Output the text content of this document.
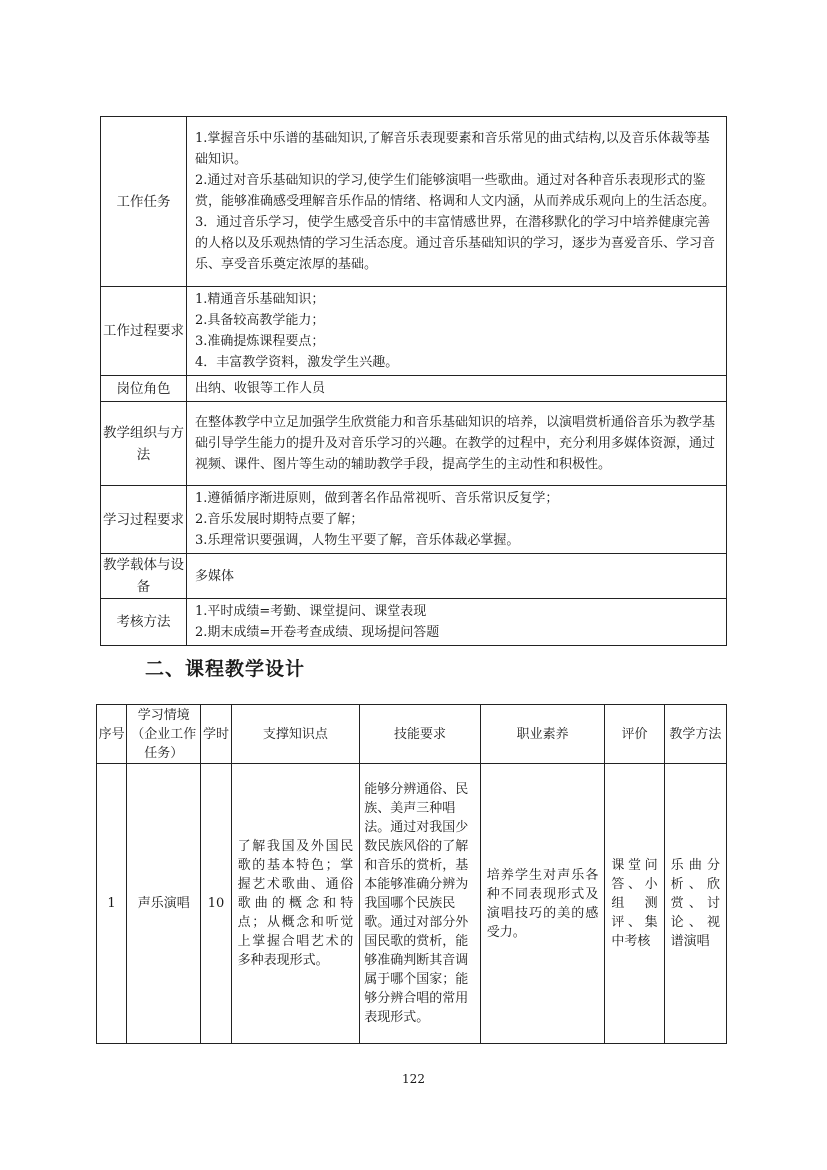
工作任务	1.掌握音乐中乐谱的基础知识,了解音乐表现要素和音乐常见的曲式结构,以及音乐体裁等基础知识。
2.通过对音乐基础知识的学习,使学生们能够演唱一些歌曲。通过对各种音乐表现形式的鉴赏，能够准确感受理解音乐作品的情绪、格调和人文内涵，从而养成乐观向上的生活态度。
3．通过音乐学习，使学生感受音乐中的丰富情感世界，在潜移默化的学习中培养健康完善的人格以及乐观热情的学习生活态度。通过音乐基础知识的学习，逐步为喜爱音乐、学习音乐、享受音乐奠定浓厚的基础。

工作过程要求	1.精通音乐基础知识；
2.具备较高教学能力；
3.准确提炼课程要点；
4．丰富教学资料，激发学生兴趣。

岗位角色	出纳、收银等工作人员
教学组织与方法	在整体教学中立足加强学生欣赏能力和音乐基础知识的培养，以演唱赏析通俗音乐为教学基础引导学生能力的提升及对音乐学习的兴趣。在教学的过程中，充分利用多媒体资源，通过视频、课件、图片等生动的辅助教学手段，提高学生的主动性和积极性。
学习过程要求	1.遵循循序渐进原则，做到著名作品常视听、音乐常识反复学；
2.音乐发展时期特点要了解；
3.乐理常识要强调，人物生平要了解，音乐体裁必掌握。

教学载体与设备	多媒体
考核方法	1.平时成绩=考勤、课堂提问、课堂表现
2.期末成绩=开卷考查成绩、现场提问答题
二、课程教学设计
序号	学习情境（企业工作任务）	学时	支撑知识点	技能要求	职业素养	评价	教学方法
1	声乐演唱	10	了解我国及外国民歌的基本特色；掌握艺术歌曲、通俗歌曲的概念和特点；从概念和听觉上掌握合唱艺术的多种表现形式。	能够分辨通俗、民族、美声三种唱法。通过对我国少数民族风俗的了解和音乐的赏析，基本能够准确分辨为我国哪个民族民歌。通过对部分外国民歌的赏析，能够准确判断其音调属于哪个国家；能够分辨合唱的常用表现形式。	培养学生对声乐各种不同表现形式及演唱技巧的美的感受力。	课堂问答、小组测评、集中考核	乐曲分析、欣赏、讨论、视谱演唱
122
